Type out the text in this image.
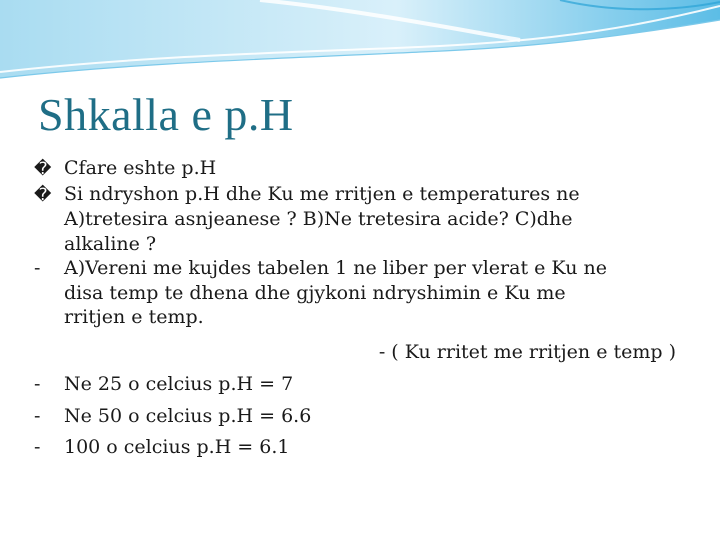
Shkalla e p.H
� Cfare eshte p.H
� Si ndryshon p.H dhe Ku me rritjen e temperatures ne
A)tretesira asnjeanese ? B)Ne tretesira acide? C)dhe
alkaline ?
- A)Vereni me kujdes tabelen 1 ne liber per vlerat e Ku ne
disa temp te dhena dhe gjykoni ndryshimin e Ku me
rritjen e temp.
- ( Ku rritet me rritjen e temp )
- Ne 25 o celcius p.H = 7
- Ne 50 o celcius p.H = 6.6
- 100 o celcius p.H = 6.1
